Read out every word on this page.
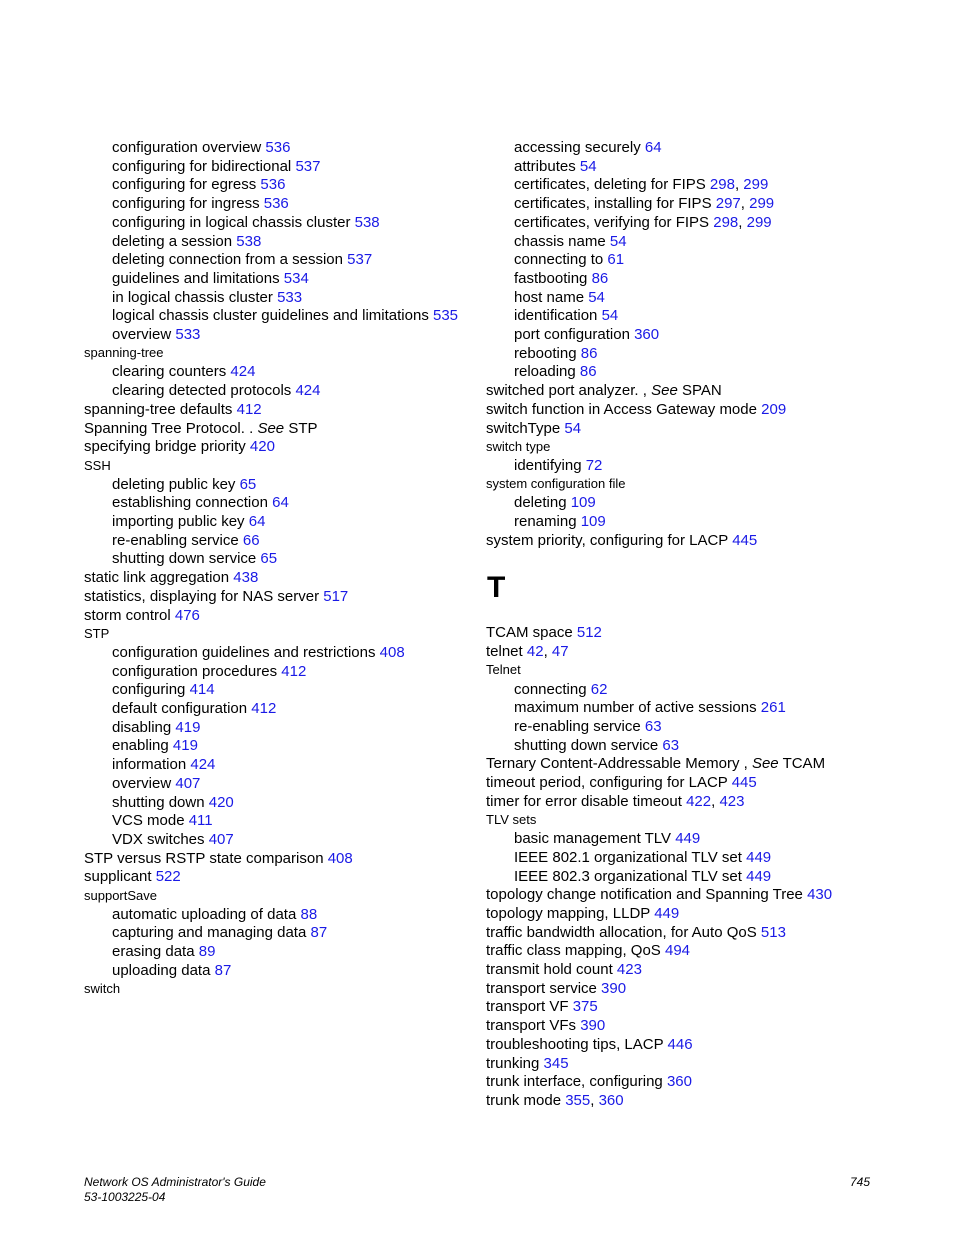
configuration overview 536
configuring for bidirectional 537
configuring for egress 536
configuring for ingress 536
configuring in logical chassis cluster 538
deleting a session 538
deleting connection from a session 537
guidelines and limitations 534
in logical chassis cluster 533
logical chassis cluster guidelines and limitations 535
overview 533
spanning-tree
clearing counters 424
clearing detected protocols 424
spanning-tree defaults 412
Spanning Tree Protocol. . See STP
specifying bridge priority 420
SSH
deleting public key 65
establishing connection 64
importing public key 64
re-enabling service 66
shutting down service 65
static link aggregation 438
statistics, displaying for NAS server 517
storm control 476
STP
configuration guidelines and restrictions 408
configuration procedures 412
configuring 414
default configuration 412
disabling 419
enabling 419
information 424
overview 407
shutting down 420
VCS mode 411
VDX switches 407
STP versus RSTP state comparison 408
supplicant 522
supportSave
automatic uploading of data 88
capturing and managing data 87
erasing data 89
uploading data 87
switch
accessing securely 64
attributes 54
certificates, deleting for FIPS 298, 299
certificates, installing for FIPS 297, 299
certificates, verifying for FIPS 298, 299
chassis name 54
connecting to 61
fastbooting 86
host name 54
identification 54
port configuration 360
rebooting 86
reloading 86
switched port analyzer. , See SPAN
switch function in Access Gateway mode 209
switchType 54
switch type
identifying 72
system configuration file
deleting 109
renaming 109
system priority, configuring for LACP 445
T
TCAM space 512
telnet 42, 47
Telnet
connecting 62
maximum number of active sessions 261
re-enabling service 63
shutting down service 63
Ternary Content-Addressable Memory , See TCAM
timeout period, configuring for LACP 445
timer for error disable timeout 422, 423
TLV sets
basic management TLV 449
IEEE 802.1 organizational TLV set 449
IEEE 802.3 organizational TLV set 449
topology change notification and Spanning Tree 430
topology mapping, LLDP 449
traffic bandwidth allocation, for Auto QoS 513
traffic class mapping, QoS 494
transmit hold count 423
transport service 390
transport VF 375
transport VFs 390
troubleshooting tips, LACP 446
trunking 345
trunk interface, configuring 360
trunk mode 355, 360
Network OS Administrator's Guide
53-1003225-04
745
